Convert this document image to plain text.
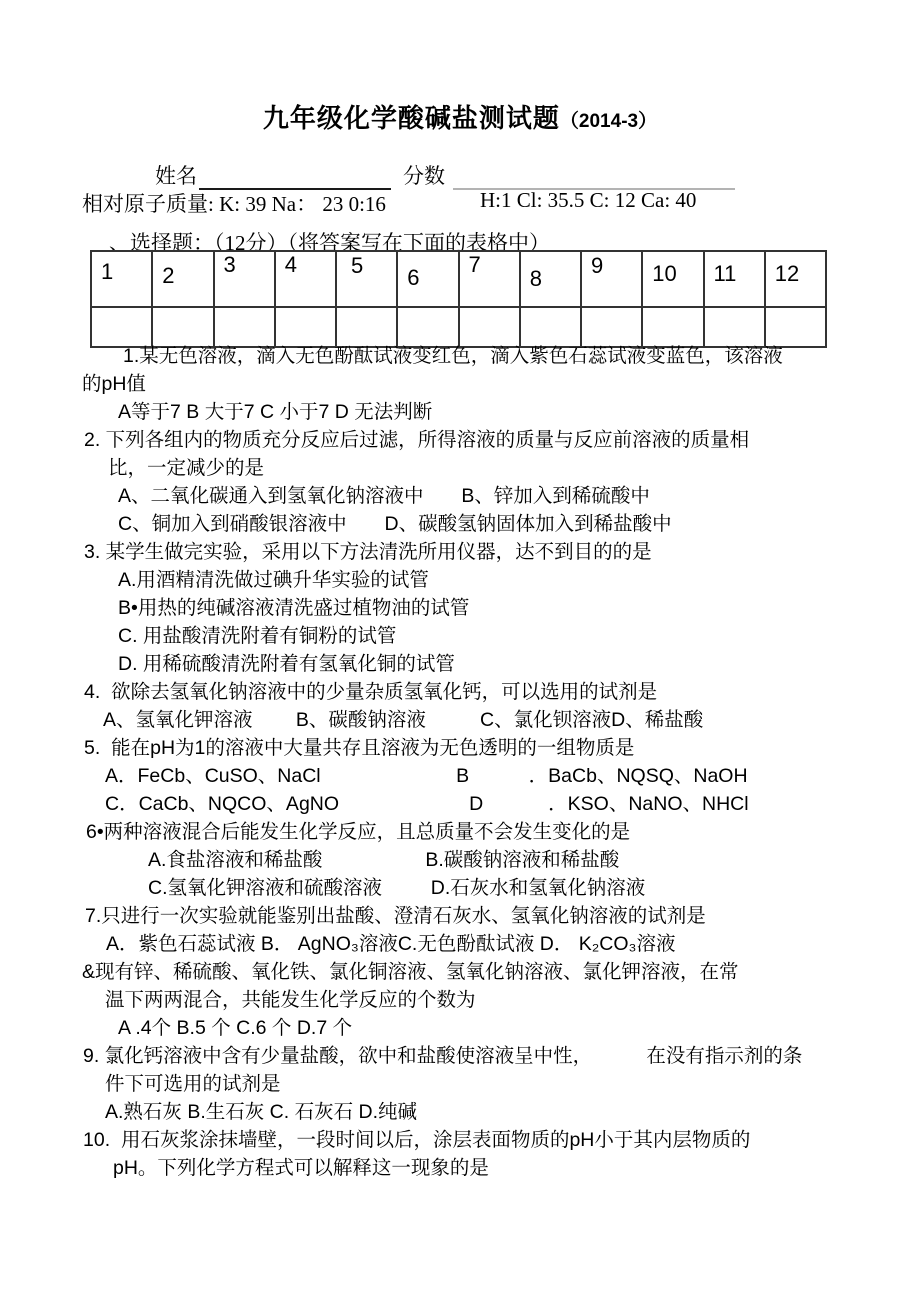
九年级化学酸碱盐测试题（2014-3）
姓名	分数
相对原子质量: K: 39 Na： 23 0:16	H:1 Cl: 35.5 C: 12 Ca: 40
、选择题：（12分）（将答案写在下面的表格中）
1	2	3	4	5	6	7	8	9	10	11	12

1.某无色溶液，滴入无色酚酞试液变红色，滴入紫色石蕊试液变蓝色，该溶液
的pH值
A等于7 B 大于7 C 小于7 D 无法判断
2. 下列各组内的物质充分反应后过滤，所得溶液的质量与反应前溶液的质量相
比，一定减少的是
A、二氧化碳通入到氢氧化钠溶液中       B、锌加入到稀硫酸中
C、铜加入到硝酸银溶液中       D、碳酸氢钠固体加入到稀盐酸中
3. 某学生做完实验，采用以下方法清洗所用仪器，达不到目的的是
A.用酒精清洗做过碘升华实验的试管
B•用热的纯碱溶液清洗盛过植物油的试管
C. 用盐酸清洗附着有铜粉的试管
D. 用稀硫酸清洗附着有氢氧化铜的试管
4.  欲除去氢氧化钠溶液中的少量杂质氢氧化钙，可以选用的试剂是
A、氢氧化钾溶液        B、碳酸钠溶液          C、氯化钡溶液D、稀盐酸
5.  能在pH为1的溶液中大量共存且溶液为无色透明的一组物质是
A．FeCb、CuSO、NaCl                         B           ．BaCb、NQSQ、NaOH
C．CaCb、NQCO、AgNO                        D            ．KSO、NaNO、NHCl
6•两种溶液混合后能发生化学反应，且总质量不会发生变化的是
A.食盐溶液和稀盐酸                   B.碳酸钠溶液和稀盐酸
C.氢氧化钾溶液和硫酸溶液         D.石灰水和氢氧化钠溶液
7.只进行一次实验就能鉴别出盐酸、澄清石灰水、氢氧化钠溶液的试剂是
A．紫色石蕊试液 B． AgNO₃溶液C.无色酚酞试液 D． K₂CO₃溶液
&现有锌、稀硫酸、氧化铁、氯化铜溶液、氢氧化钠溶液、氯化钾溶液，在常
温下两两混合，共能发生化学反应的个数为
A .4个 B.5 个 C.6 个 D.7 个
9. 氯化钙溶液中含有少量盐酸，欲中和盐酸使溶液呈中性，          在没有指示剂的条
件下可选用的试剂是
A.熟石灰 B.生石灰 C. 石灰石 D.纯碱
10.  用石灰浆涂抹墙壁，一段时间以后，涂层表面物质的pH小于其内层物质的
pH。下列化学方程式可以解释这一现象的是
